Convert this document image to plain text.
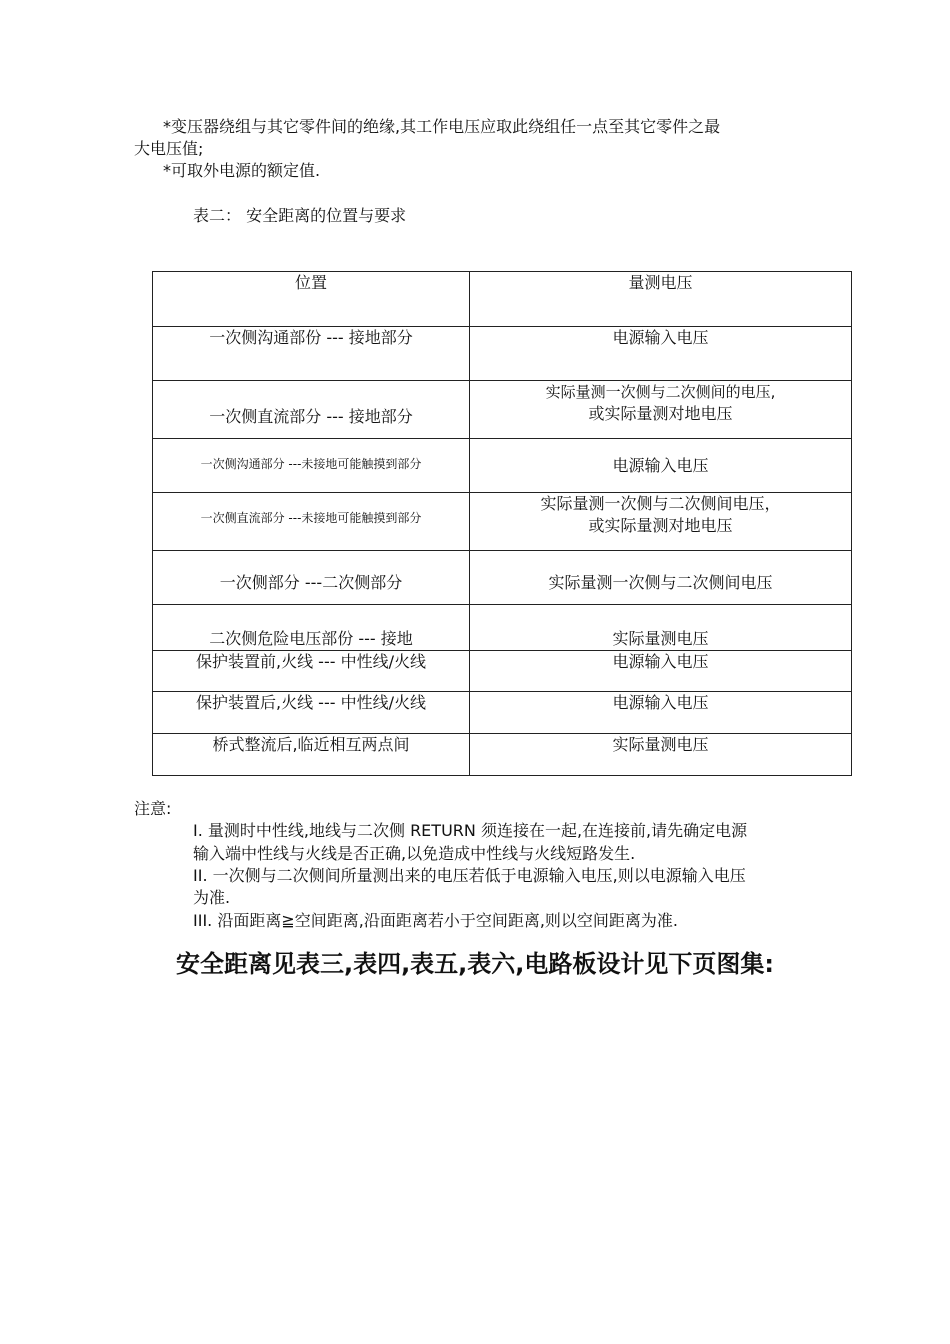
*变压器绕组与其它零件间的绝缘,其工作电压应取此绕组任一点至其它零件之最
大电压值;
*可取外电源的额定值.
表二： 安全距离的位置与要求
位置	量测电压
一次侧沟通部份 --- 接地部分	电源输入电压
一次侧直流部分 --- 接地部分	实际量测一次侧与二次侧间的电压,
或实际量测对地电压

一次侧沟通部分 ---未接地可能触摸到部分	电源输入电压
一次侧直流部分 ---未接地可能触摸到部分	实际量测一次侧与二次侧间电压，
或实际量测对地电压

一次侧部分 ---二次侧部分	实际量测一次侧与二次侧间电压
二次侧危险电压部份 --- 接地	实际量测电压
保护装置前,火线 --- 中性线/火线	电源输入电压
保护装置后,火线 --- 中性线/火线	电源输入电压
桥式整流后,临近相互两点间	实际量测电压
注意:
I. 量测时中性线,地线与二次侧 RETURN 须连接在一起,在连接前,请先确定电源
输入端中性线与火线是否正确,以免造成中性线与火线短路发生.
II. 一次侧与二次侧间所量测出来的电压若低于电源输入电压,则以电源输入电压
为准.
III. 沿面距离≧空间距离,沿面距离若小于空间距离,则以空间距离为准.
安全距离见表三,表四,表五,表六,电路板设计见下页图集:
